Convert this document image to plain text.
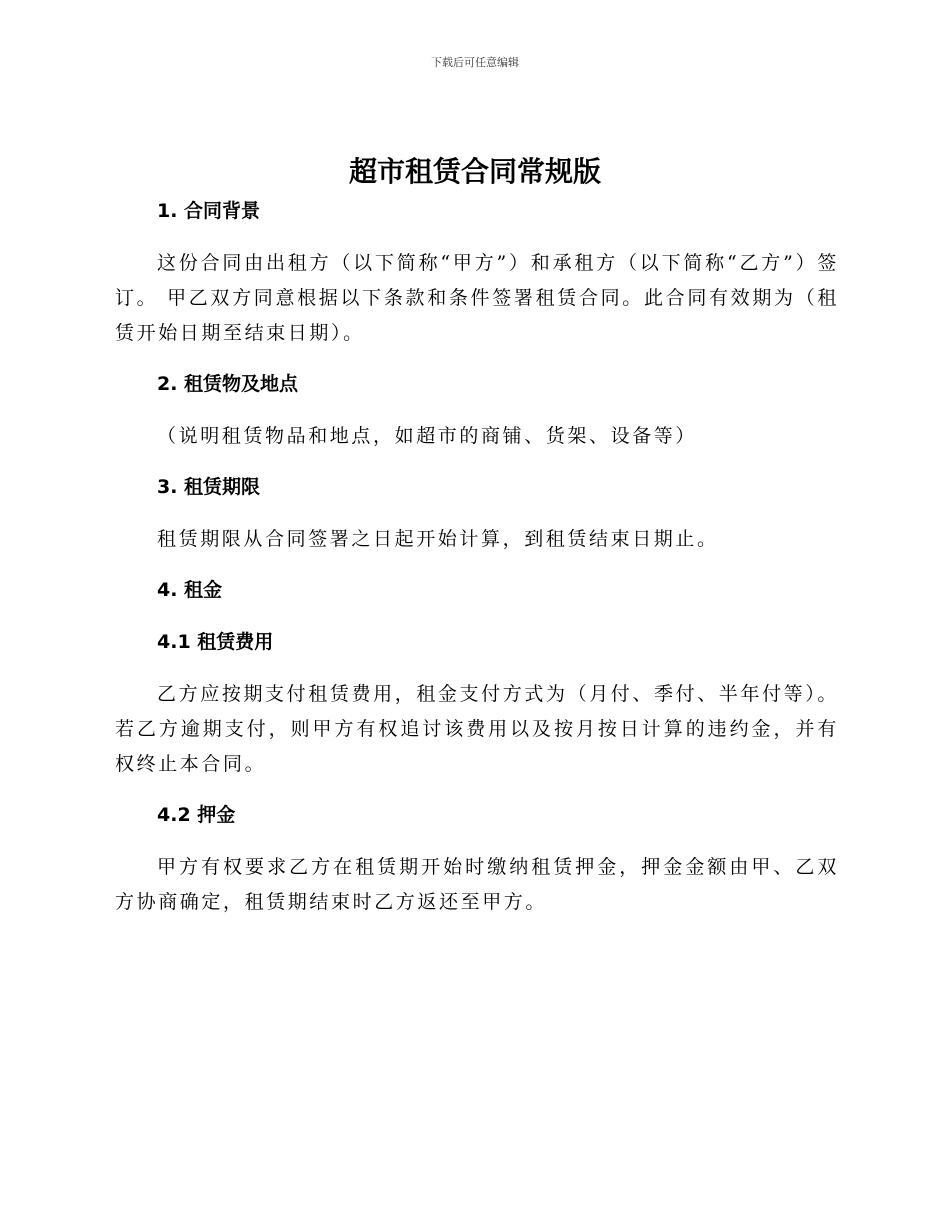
下载后可任意编辑
超市租赁合同常规版
1. 合同背景

这份合同由出租方（以下简称“甲方”）和承租方（以下简称“乙方”）签订。 甲乙双方同意根据以下条款和条件签署租赁合同。此合同有效期为（租赁开始日期至结束日期）。

2. 租赁物及地点

（说明租赁物品和地点，如超市的商铺、货架、设备等）

3. 租赁期限

租赁期限从合同签署之日起开始计算，到租赁结束日期止。

4. 租金
4.1 租赁费用

乙方应按期支付租赁费用，租金支付方式为（月付、季付、半年付等）。若乙方逾期支付，则甲方有权追讨该费用以及按月按日计算的违约金，并有权终止本合同。

4.2 押金

甲方有权要求乙方在租赁期开始时缴纳租赁押金，押金金额由甲、乙双方协商确定，租赁期结束时乙方返还至甲方。
